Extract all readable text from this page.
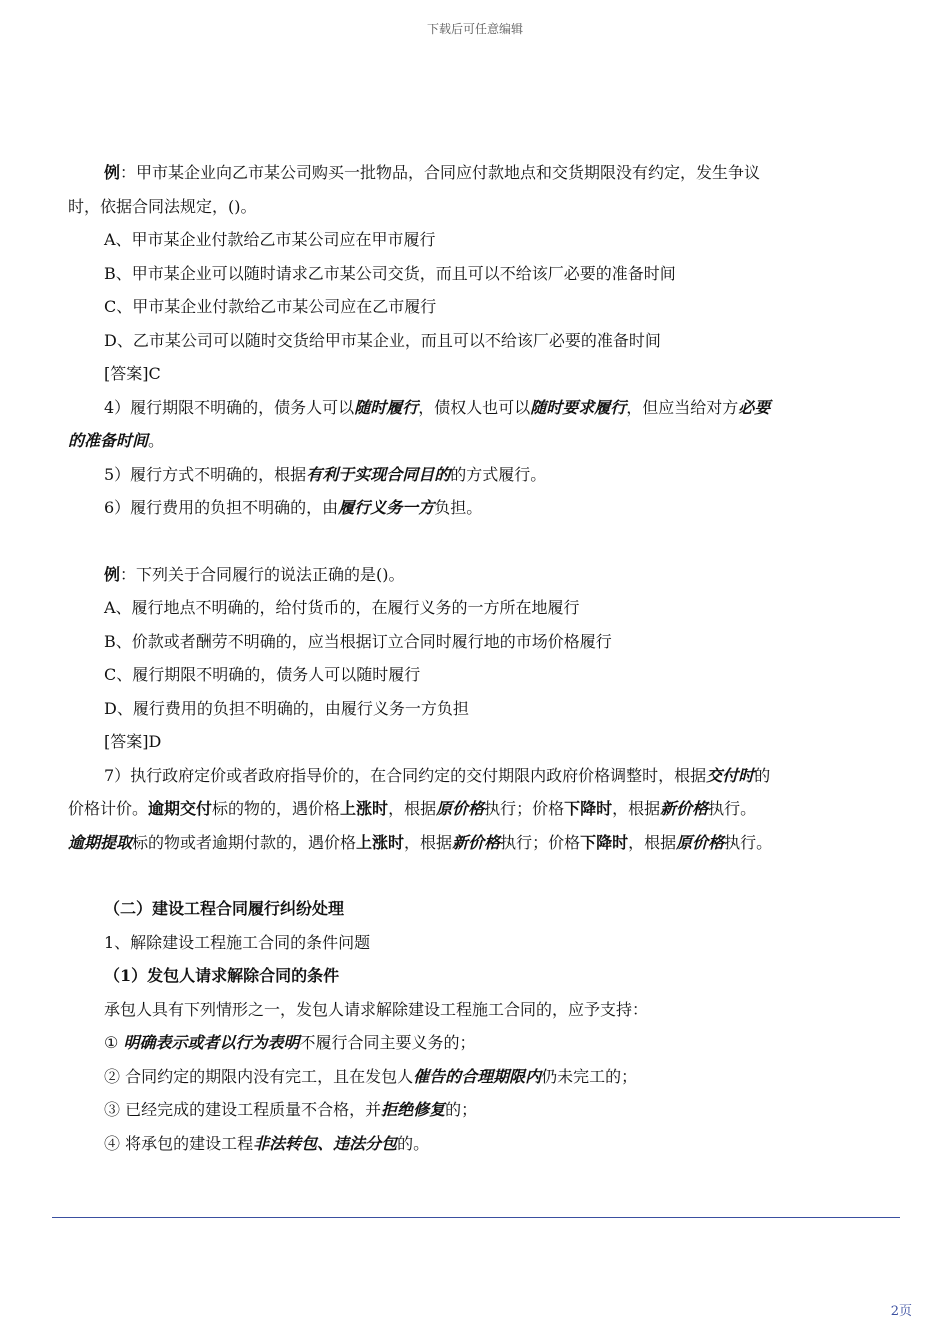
下载后可任意编辑

例：甲市某企业向乙市某公司购买一批物品，合同应付款地点和交货期限没有约定，发生争议

时，依据合同法规定，()。

A、甲市某企业付款给乙市某公司应在甲市履行

B、甲市某企业可以随时请求乙市某公司交货，而且可以不给该厂必要的准备时间

C、甲市某企业付款给乙市某公司应在乙市履行

D、乙市某公司可以随时交货给甲市某企业，而且可以不给该厂必要的准备时间

[答案]C

4）履行期限不明确的，债务人可以随时履行，债权人也可以随时要求履行，但应当给对方必要

的准备时间。

5）履行方式不明确的，根据有利于实现合同目的的方式履行。

6）履行费用的负担不明确的，由履行义务一方负担。

例：下列关于合同履行的说法正确的是()。

A、履行地点不明确的，给付货币的，在履行义务的一方所在地履行

B、价款或者酬劳不明确的，应当根据订立合同时履行地的市场价格履行

C、履行期限不明确的，债务人可以随时履行

D、履行费用的负担不明确的，由履行义务一方负担

[答案]D

7）执行政府定价或者政府指导价的，在合同约定的交付期限内政府价格调整时，根据交付时的

价格计价。逾期交付标的物的，遇价格上涨时，根据原价格执行；价格下降时，根据新价格执行。

逾期提取标的物或者逾期付款的，遇价格上涨时，根据新价格执行；价格下降时，根据原价格执行。

（二）建设工程合同履行纠纷处理

1、解除建设工程施工合同的条件问题

（1）发包人请求解除合同的条件

承包人具有下列情形之一，发包人请求解除建设工程施工合同的，应予支持：

① 明确表示或者以行为表明不履行合同主要义务的；

② 合同约定的期限内没有完工，且在发包人催告的合理期限内仍未完工的；

③ 已经完成的建设工程质量不合格，并拒绝修复的；

④ 将承包的建设工程非法转包、违法分包的。

2页
